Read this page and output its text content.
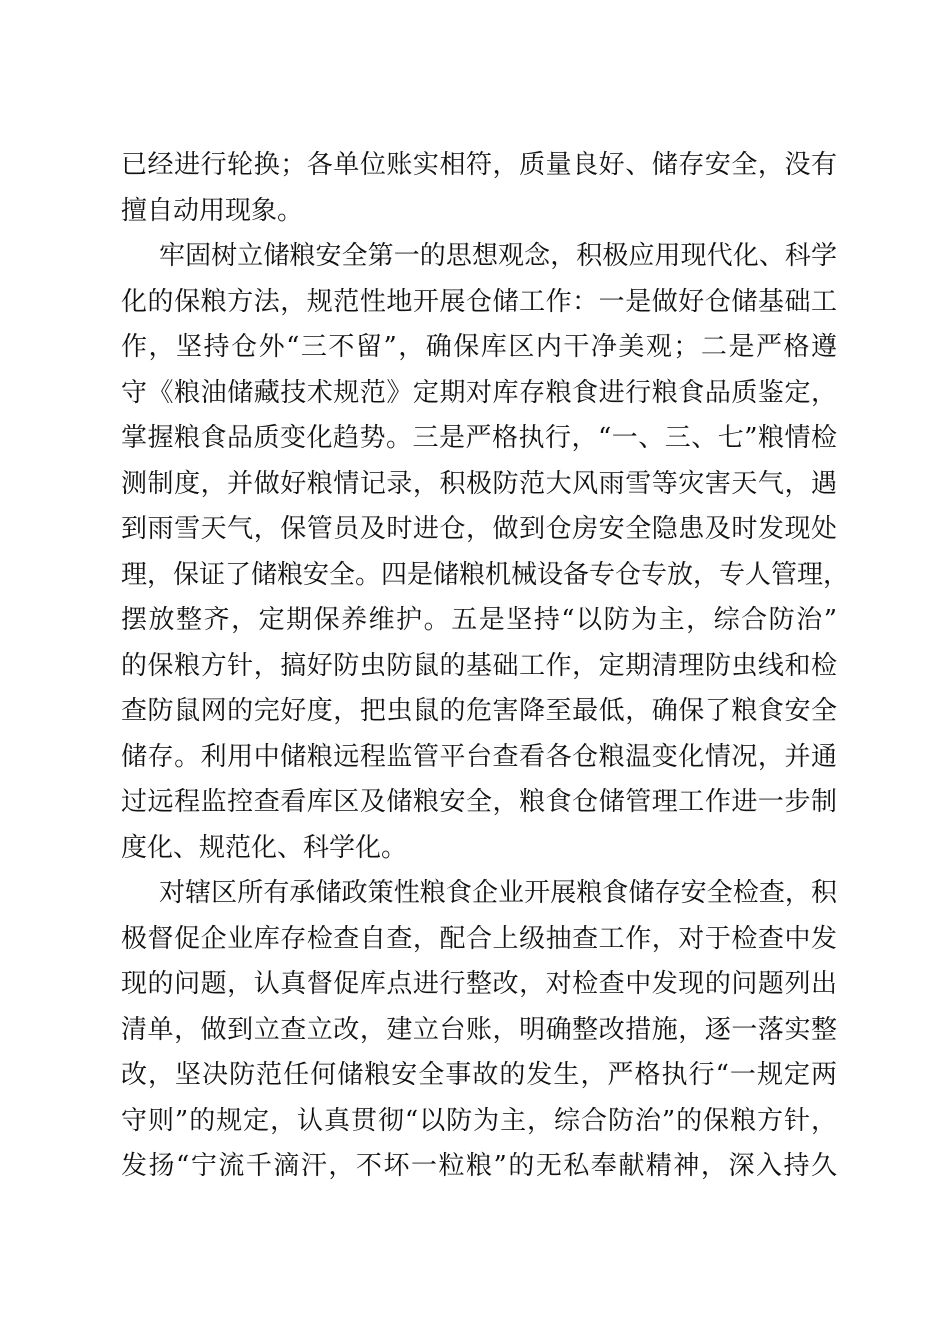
已经进行轮换；各单位账实相符，质量良好、储存安全，没有
擅自动用现象。
牢固树立储粮安全第一的思想观念，积极应用现代化、科学
化的保粮方法，规范性地开展仓储工作：一是做好仓储基础工
作，坚持仓外“三不留”，确保库区内干净美观；二是严格遵
守《粮油储藏技术规范》定期对库存粮食进行粮食品质鉴定，
掌握粮食品质变化趋势。三是严格执行，“一、三、七”粮情检
测制度，并做好粮情记录，积极防范大风雨雪等灾害天气，遇
到雨雪天气，保管员及时进仓，做到仓房安全隐患及时发现处
理，保证了储粮安全。四是储粮机械设备专仓专放，专人管理，
摆放整齐，定期保养维护。五是坚持“以防为主，综合防治”
的保粮方针，搞好防虫防鼠的基础工作，定期清理防虫线和检
查防鼠网的完好度，把虫鼠的危害降至最低，确保了粮食安全
储存。利用中储粮远程监管平台查看各仓粮温变化情况，并通
过远程监控查看库区及储粮安全，粮食仓储管理工作进一步制
度化、规范化、科学化。
对辖区所有承储政策性粮食企业开展粮食储存安全检查，积
极督促企业库存检查自查，配合上级抽查工作，对于检查中发
现的问题，认真督促库点进行整改，对检查中发现的问题列出
清单，做到立查立改，建立台账，明确整改措施，逐一落实整
改，坚决防范任何储粮安全事故的发生，严格执行“一规定两
守则”的规定，认真贯彻“以防为主，综合防治”的保粮方针，
发扬“宁流千滴汗，不坏一粒粮”的无私奉献精神，深入持久
